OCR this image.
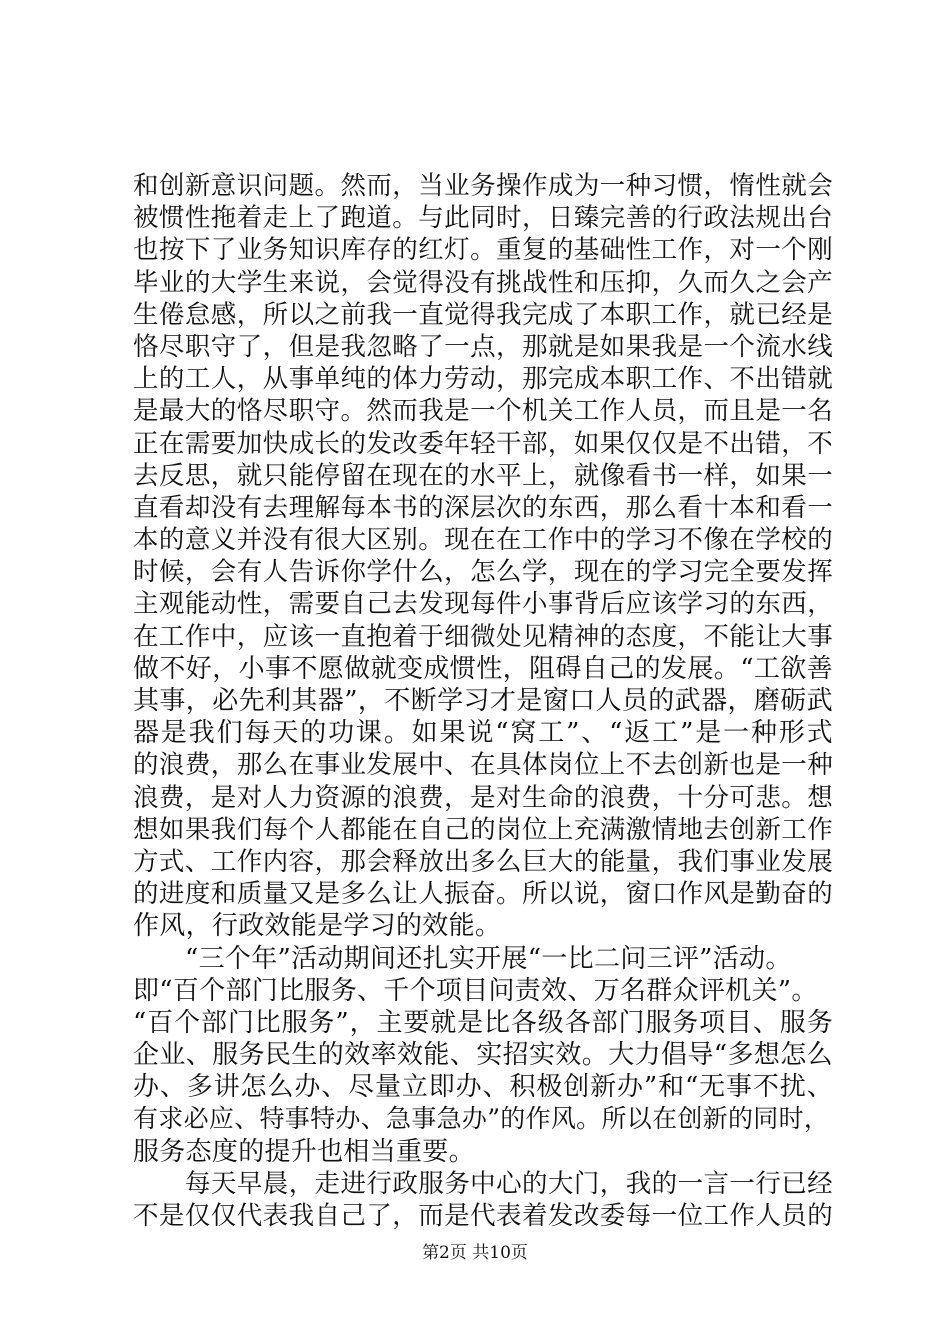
和创新意识问题。然而，当业务操作成为一种习惯，惰性就会
被惯性拖着走上了跑道。与此同时，日臻完善的行政法规出台
也按下了业务知识库存的红灯。重复的基础性工作，对一个刚
毕业的大学生来说，会觉得没有挑战性和压抑，久而久之会产
生倦怠感，所以之前我一直觉得我完成了本职工作，就已经是
恪尽职守了，但是我忽略了一点，那就是如果我是一个流水线
上的工人，从事单纯的体力劳动，那完成本职工作、不出错就
是最大的恪尽职守。然而我是一个机关工作人员，而且是一名
正在需要加快成长的发改委年轻干部，如果仅仅是不出错，不
去反思，就只能停留在现在的水平上，就像看书一样，如果一
直看却没有去理解每本书的深层次的东西，那么看十本和看一
本的意义并没有很大区别。现在在工作中的学习不像在学校的
时候，会有人告诉你学什么，怎么学，现在的学习完全要发挥
主观能动性，需要自己去发现每件小事背后应该学习的东西，
在工作中，应该一直抱着于细微处见精神的态度，不能让大事
做不好，小事不愿做就变成惯性，阻碍自己的发展。“工欲善
其事，必先利其器”，不断学习才是窗口人员的武器，磨砺武
器是我们每天的功课。如果说“窝工”、“返工”是一种形式
的浪费，那么在事业发展中、在具体岗位上不去创新也是一种
浪费，是对人力资源的浪费，是对生命的浪费，十分可悲。想
想如果我们每个人都能在自己的岗位上充满激情地去创新工作
方式、工作内容，那会释放出多么巨大的能量，我们事业发展
的进度和质量又是多么让人振奋。所以说，窗口作风是勤奋的
作风，行政效能是学习的效能。
“三个年”活动期间还扎实开展“一比二问三评”活动。
即“百个部门比服务、千个项目问责效、万名群众评机关”。
“百个部门比服务”，主要就是比各级各部门服务项目、服务
企业、服务民生的效率效能、实招实效。大力倡导“多想怎么
办、多讲怎么办、尽量立即办、积极创新办”和“无事不扰、
有求必应、特事特办、急事急办”的作风。所以在创新的同时，
服务态度的提升也相当重要。
每天早晨，走进行政服务中心的大门，我的一言一行已经
不是仅仅代表我自己了，而是代表着发改委每一位工作人员的
第2页 共10页
